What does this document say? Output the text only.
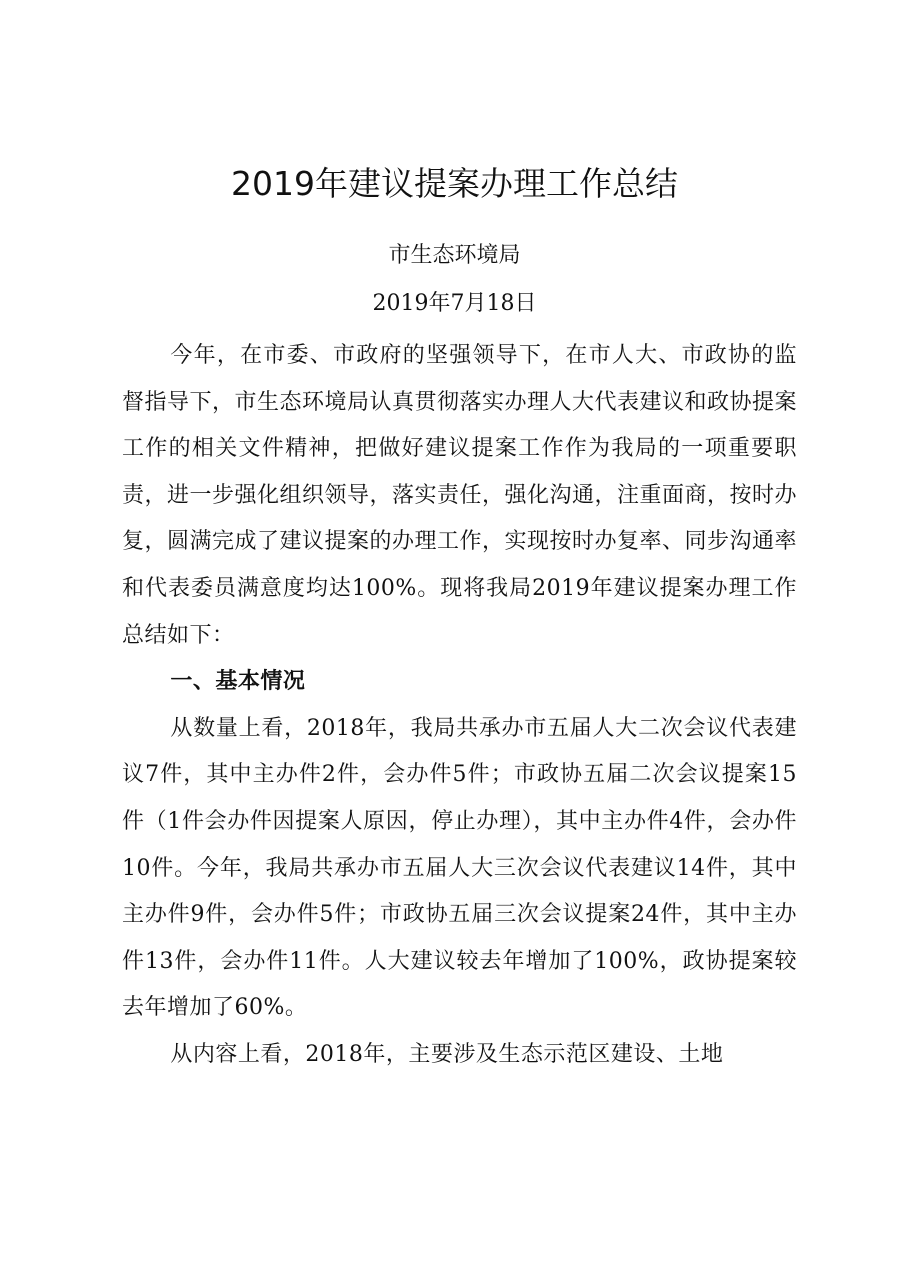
2019年建议提案办理工作总结
市生态环境局
2019年7月18日

今年，在市委、市政府的坚强领导下，在市人大、市政协的监督指导下，市生态环境局认真贯彻落实办理人大代表建议和政协提案工作的相关文件精神，把做好建议提案工作作为我局的一项重要职责，进一步强化组织领导，落实责任，强化沟通，注重面商，按时办复，圆满完成了建议提案的办理工作，实现按时办复率、同步沟通率和代表委员满意度均达100%。现将我局2019年建议提案办理工作总结如下：

一、基本情况

从数量上看，2018年，我局共承办市五届人大二次会议代表建议7件，其中主办件2件，会办件5件；市政协五届二次会议提案15件（1件会办件因提案人原因，停止办理），其中主办件4件，会办件10件。今年，我局共承办市五届人大三次会议代表建议14件，其中主办件9件，会办件5件；市政协五届三次会议提案24件，其中主办件13件，会办件11件。人大建议较去年增加了100%，政协提案较去年增加了60%。

从内容上看，2018年，主要涉及生态示范区建设、土地
